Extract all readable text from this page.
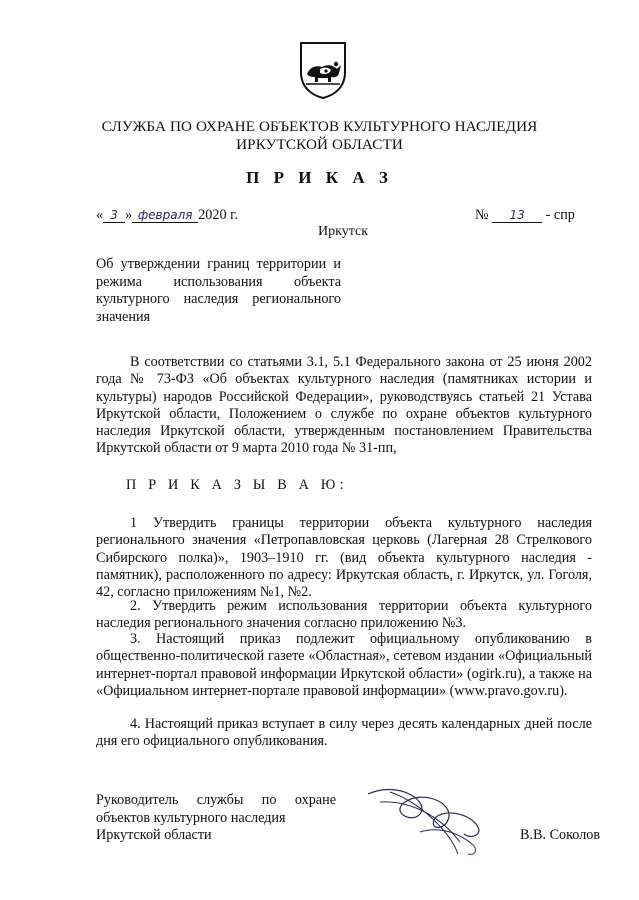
СЛУЖБА ПО ОХРАНЕ ОБЪЕКТОВ КУЛЬТУРНОГО НАСЛЕДИЯ
ИРКУТСКОЙ ОБЛАСТИ
П Р И К А З
« 3 » февраля 2020 г.	№ 13 - спр
Иркутск
Об утверждении границ территории и режима использования объекта культурного наследия регионального значения
В соответствии со статьями 3.1, 5.1 Федерального закона от 25 июня 2002 года № 73-ФЗ «Об объектах культурного наследия (памятниках истории и культуры) народов Российской Федерации», руководствуясь статьей 21 Устава Иркутской области, Положением о службе по охране объектов культурного наследия Иркутской области, утвержденным постановлением Правительства Иркутской области от 9 марта 2010 года № 31-пп,
П Р И К А З Ы В А Ю:
1 Утвердить границы территории объекта культурного наследия регионального значения «Петропавловская церковь (Лагерная 28 Стрелкового Сибирского полка)», 1903–1910 гг. (вид объекта культурного наследия - памятник), расположенного по адресу: Иркутская область, г. Иркутск, ул. Гоголя, 42, согласно приложениям №1, №2.
2. Утвердить режим использования территории объекта культурного наследия регионального значения согласно приложению №3.
3. Настоящий приказ подлежит официальному опубликованию в общественно-политической газете «Областная», сетевом издании «Официальный интернет-портал правовой информации Иркутской области» (ogirk.ru), а также на «Официальном интернет-портале правовой информации» (www.pravo.gov.ru).
4. Настоящий приказ вступает в силу через десять календарных дней после дня его официального опубликования.
Руководитель службы по охране объектов культурного наследия
Иркутской области	В.В. Соколов
